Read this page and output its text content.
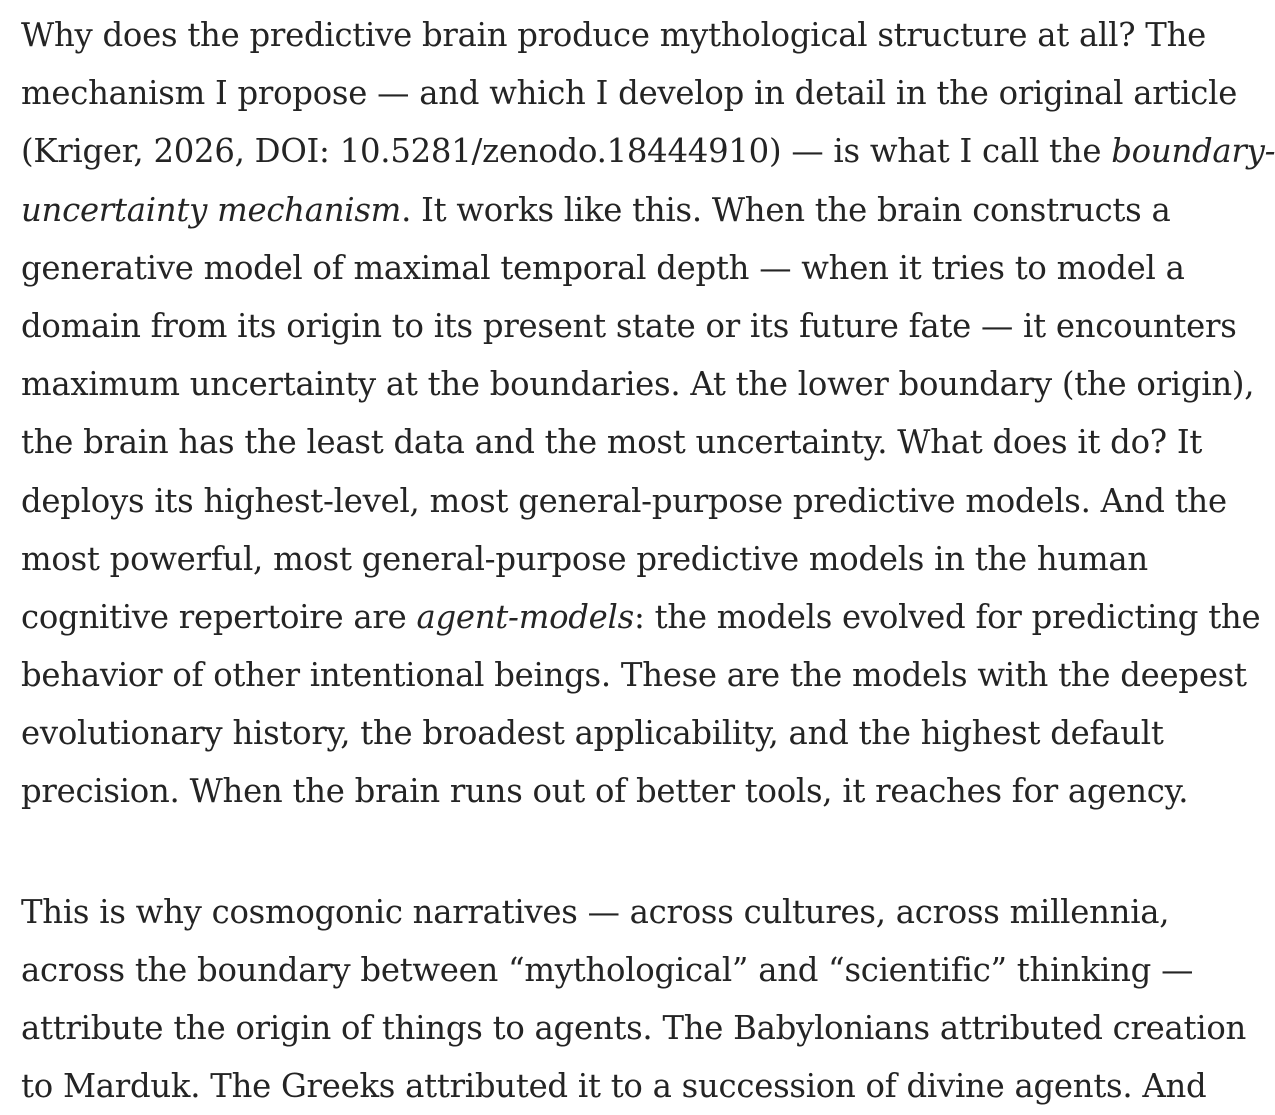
Why does the predictive brain produce mythological structure at all? The
mechanism I propose — and which I develop in detail in the original article
(Kriger, 2026, DOI: 10.5281/zenodo.18444910) — is what I call the boundary-
uncertainty mechanism. It works like this. When the brain constructs a
generative model of maximal temporal depth — when it tries to model a
domain from its origin to its present state or its future fate — it encounters
maximum uncertainty at the boundaries. At the lower boundary (the origin),
the brain has the least data and the most uncertainty. What does it do? It
deploys its highest-level, most general-purpose predictive models. And the
most powerful, most general-purpose predictive models in the human
cognitive repertoire are agent-models: the models evolved for predicting the
behavior of other intentional beings. These are the models with the deepest
evolutionary history, the broadest applicability, and the highest default
precision. When the brain runs out of better tools, it reaches for agency.

This is why cosmogonic narratives — across cultures, across millennia,
across the boundary between “mythological” and “scientific” thinking —
attribute the origin of things to agents. The Babylonians attributed creation
to Marduk. The Greeks attributed it to a succession of divine agents. And
